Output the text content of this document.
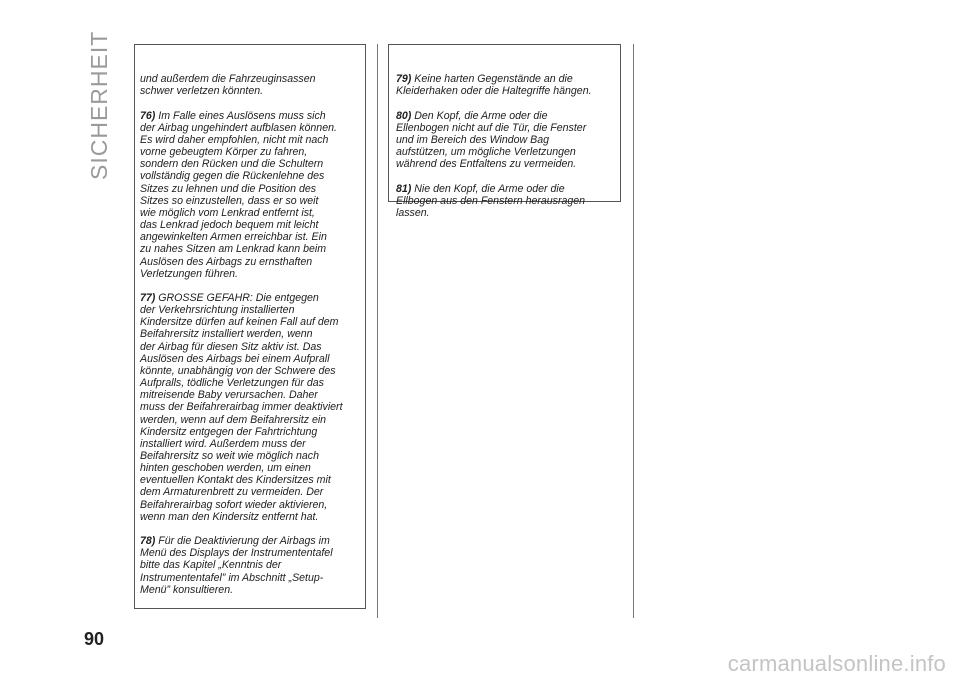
SICHERHEIT	und außerdem die Fahrzeuginsassen
schwer verletzen könnten.

76) Im Falle eines Auslösens muss sich
der Airbag ungehindert aufblasen können.
Es wird daher empfohlen, nicht mit nach
vorne gebeugtem Körper zu fahren,
sondern den Rücken und die Schultern
vollständig gegen die Rückenlehne des
Sitzes zu lehnen und die Position des
Sitzes so einzustellen, dass er so weit
wie möglich vom Lenkrad entfernt ist,
das Lenkrad jedoch bequem mit leicht
angewinkelten Armen erreichbar ist. Ein
zu nahes Sitzen am Lenkrad kann beim
Auslösen des Airbags zu ernsthaften
Verletzungen führen.

77) GROSSE GEFAHR: Die entgegen
der Verkehrsrichtung installierten
Kindersitze dürfen auf keinen Fall auf dem
Beifahrersitz installiert werden, wenn
der Airbag für diesen Sitz aktiv ist. Das
Auslösen des Airbags bei einem Aufprall
könnte, unabhängig von der Schwere des
Aufpralls, tödliche Verletzungen für das
mitreisende Baby verursachen. Daher
muss der Beifahrerairbag immer deaktiviert
werden, wenn auf dem Beifahrersitz ein
Kindersitz entgegen der Fahrtrichtung
installiert wird. Außerdem muss der
Beifahrersitz so weit wie möglich nach
hinten geschoben werden, um einen
eventuellen Kontakt des Kindersitzes mit
dem Armaturenbrett zu vermeiden. Der
Beifahrerairbag sofort wieder aktivieren,
wenn man den Kindersitz entfernt hat.

78) Für die Deaktivierung der Airbags im
Menü des Displays der Instrumententafel
bitte das Kapitel „Kenntnis der
Instrumententafel” im Abschnitt „Setup-
Menü” konsultieren.

79) Keine harten Gegenstände an die
Kleiderhaken oder die Haltegriffe hängen.

80) Den Kopf, die Arme oder die
Ellenbogen nicht auf die Tür, die Fenster
und im Bereich des Window Bag
aufstützen, um mögliche Verletzungen
während des Entfaltens zu vermeiden.

81) Nie den Kopf, die Arme oder die
Ellbogen aus den Fenstern herausragen
lassen.

90
carmanualsonline.info
